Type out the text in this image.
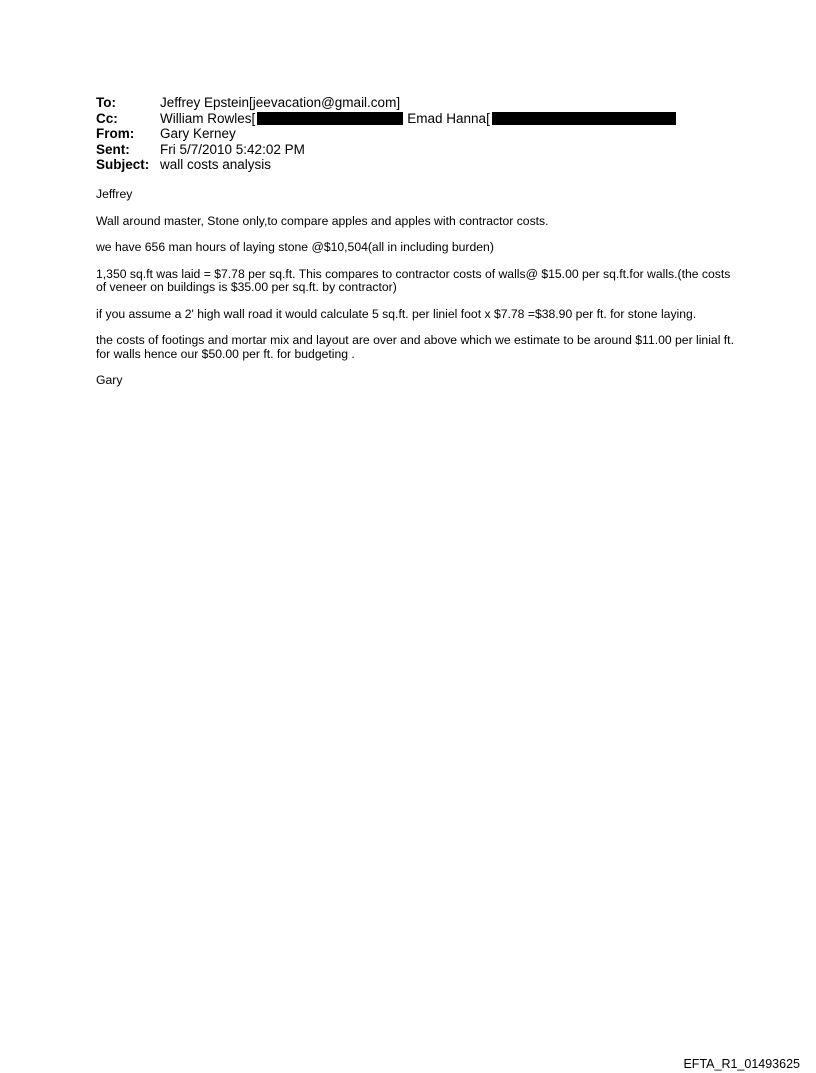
To:	Jeffrey Epstein[jeevacation@gmail.com]
Cc:	William Rowles[	Emad Hanna[
From:	Gary Kerney
Sent:	Fri 5/7/2010 5:42:02 PM
Subject: wall costs analysis

Jeffrey

Wall around master, Stone only,to compare apples and apples with contractor costs.

we have 656 man hours of laying stone @$10,504(all in including burden)

1,350 sq.ft was laid = $7.78 per sq.ft. This compares to contractor costs of walls@ $15.00 per sq.ft.for walls.(the costs of veneer on buildings is $35.00 per sq.ft. by contractor)

if you assume a 2' high wall road it would calculate 5 sq.ft. per liniel foot x $7.78 =$38.90 per ft. for stone laying.

the costs of footings and mortar mix and layout are over and above which we estimate to be around $11.00 per linial ft. for walls hence our $50.00 per ft. for budgeting .

Gary

EFTA_R1_01493625
